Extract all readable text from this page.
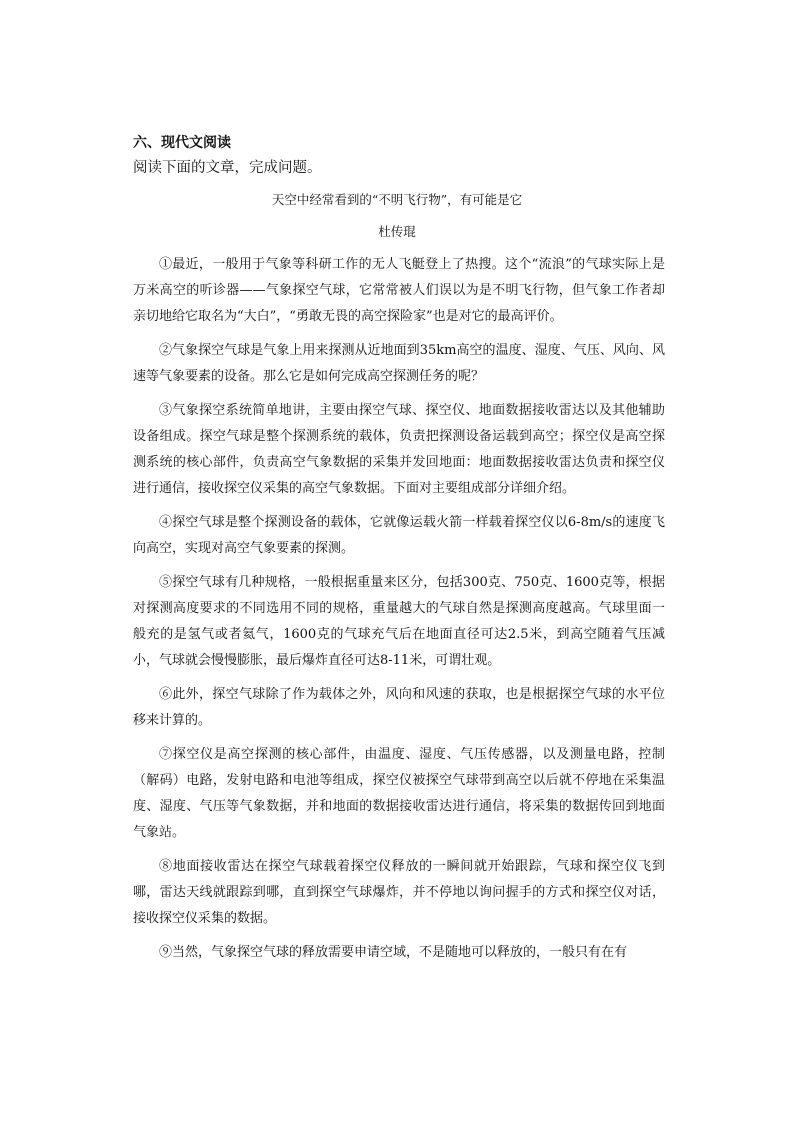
六、现代文阅读

阅读下面的文章，完成问题。

天空中经常看到的“不明飞行物”，有可能是它

杜传琨

①最近，一般用于气象等科研工作的无人飞艇登上了热搜。这个“流浪”的气球实际上是万米高空的听诊器——气象探空气球，它常常被人们误以为是不明飞行物，但气象工作者却亲切地给它取名为“大白”，“勇敢无畏的高空探险家”也是对它的最高评价。

②气象探空气球是气象上用来探测从近地面到35km高空的温度、湿度、气压、风向、风速等气象要素的设备。那么它是如何完成高空探测任务的呢？

③气象探空系统简单地讲，主要由探空气球、探空仪、地面数据接收雷达以及其他辅助设备组成。探空气球是整个探测系统的载体，负责把探测设备运载到高空；探空仪是高空探测系统的核心部件，负责高空气象数据的采集并发回地面：地面数据接收雷达负责和探空仪进行通信，接收探空仪采集的高空气象数据。下面对主要组成部分详细介绍。

④探空气球是整个探测设备的载体，它就像运载火箭一样载着探空仪以6-8m/s的速度飞向高空，实现对高空气象要素的探测。

⑤探空气球有几种规格，一般根据重量来区分，包括300克、750克、1600克等，根据对探测高度要求的不同选用不同的规格，重量越大的气球自然是探测高度越高。气球里面一般充的是氢气或者氦气，1600克的气球充气后在地面直径可达2.5米，到高空随着气压减小，气球就会慢慢膨胀，最后爆炸直径可达8-11米，可谓壮观。

⑥此外，探空气球除了作为载体之外，风向和风速的获取，也是根据探空气球的水平位移来计算的。

⑦探空仪是高空探测的核心部件，由温度、湿度、气压传感器，以及测量电路，控制（解码）电路，发射电路和电池等组成，探空仪被探空气球带到高空以后就不停地在采集温度、湿度、气压等气象数据，并和地面的数据接收雷达进行通信，将采集的数据传回到地面气象站。

⑧地面接收雷达在探空气球载着探空仪释放的一瞬间就开始跟踪，气球和探空仪飞到哪，雷达天线就跟踪到哪，直到探空气球爆炸，并不停地以询问握手的方式和探空仪对话，接收探空仪采集的数据。

⑨当然，气象探空气球的释放需要申请空域，不是随地可以释放的，一般只有在有
